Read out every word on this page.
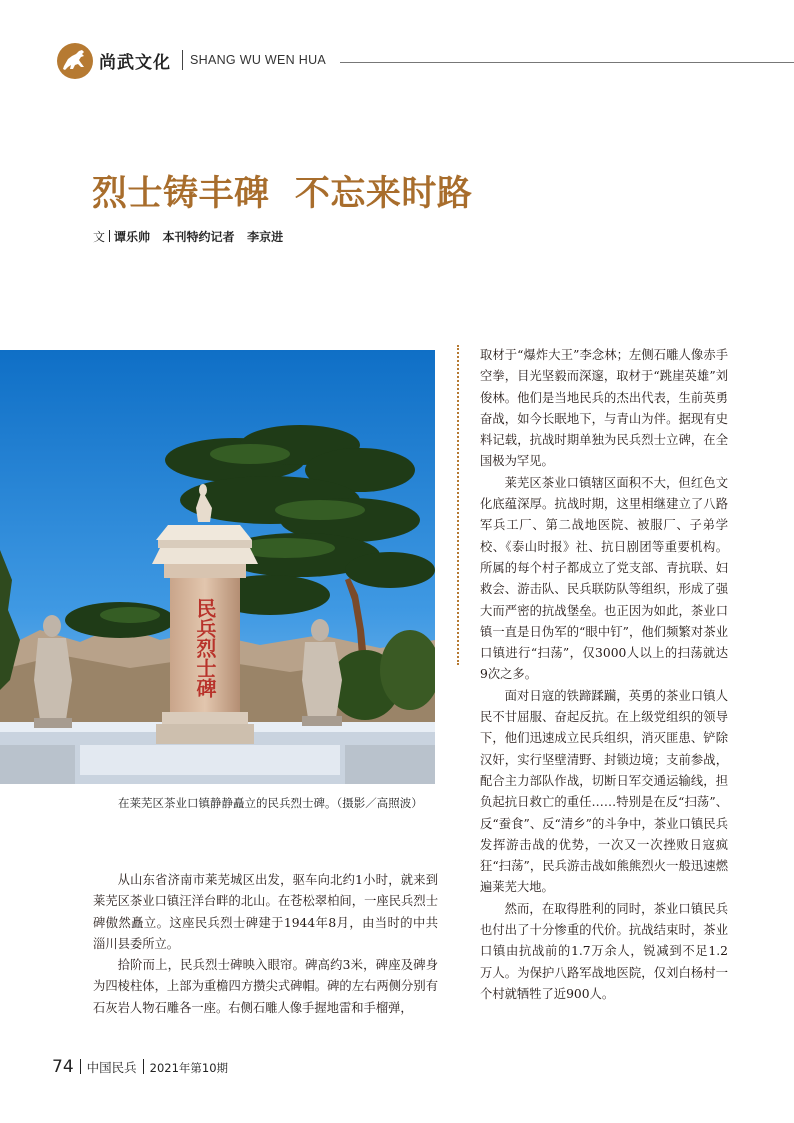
尚武文化 SHANG WU WEN HUA
烈士铸丰碑  不忘来时路
文 谭乐帅   本刊特约记者   李京进
民兵烈士碑
在莱芜区茶业口镇静静矗立的民兵烈士碑。（摄影／高照波）

从山东省济南市莱芜城区出发，驱车向北约1小时，就来到莱芜区茶业口镇汪洋台畔的北山。在苍松翠柏间，一座民兵烈士碑傲然矗立。这座民兵烈士碑建于1944年8月，由当时的中共淄川县委所立。

拾阶而上，民兵烈士碑映入眼帘。碑高约3米，碑座及碑身为四棱柱体，上部为重檐四方攒尖式碑帽。碑的左右两侧分别有石灰岩人物石雕各一座。右侧石雕人像手握地雷和手榴弹，

取材于“爆炸大王”李念林；左侧石雕人像赤手空拳，目光坚毅而深邃，取材于“跳崖英雄”刘俊林。他们是当地民兵的杰出代表，生前英勇奋战，如今长眠地下，与青山为伴。据现有史料记载，抗战时期单独为民兵烈士立碑，在全国极为罕见。

莱芜区茶业口镇辖区面积不大，但红色文化底蕴深厚。抗战时期，这里相继建立了八路军兵工厂、第二战地医院、被服厂、子弟学校、《泰山时报》社、抗日剧团等重要机构。所属的每个村子都成立了党支部、青抗联、妇救会、游击队、民兵联防队等组织，形成了强大而严密的抗战堡垒。也正因为如此，茶业口镇一直是日伪军的“眼中钉”，他们频繁对茶业口镇进行“扫荡”，仅3000人以上的扫荡就达9次之多。

面对日寇的铁蹄蹂躏，英勇的茶业口镇人民不甘屈服、奋起反抗。在上级党组织的领导下，他们迅速成立民兵组织，消灭匪患、铲除汉奸，实行坚壁清野、封锁边境；支前参战，配合主力部队作战，切断日军交通运输线，担负起抗日救亡的重任……特别是在反“扫荡”、反“蚕食”、反“清乡”的斗争中，茶业口镇民兵发挥游击战的优势，一次又一次挫败日寇疯狂“扫荡”，民兵游击战如熊熊烈火一般迅速燃遍莱芜大地。

然而，在取得胜利的同时，茶业口镇民兵也付出了十分惨重的代价。抗战结束时，茶业口镇由抗战前的1.7万余人，锐减到不足1.2万人。为保护八路军战地医院，仅刘白杨村一个村就牺牲了近900人。

74 中国民兵 2021年第10期
